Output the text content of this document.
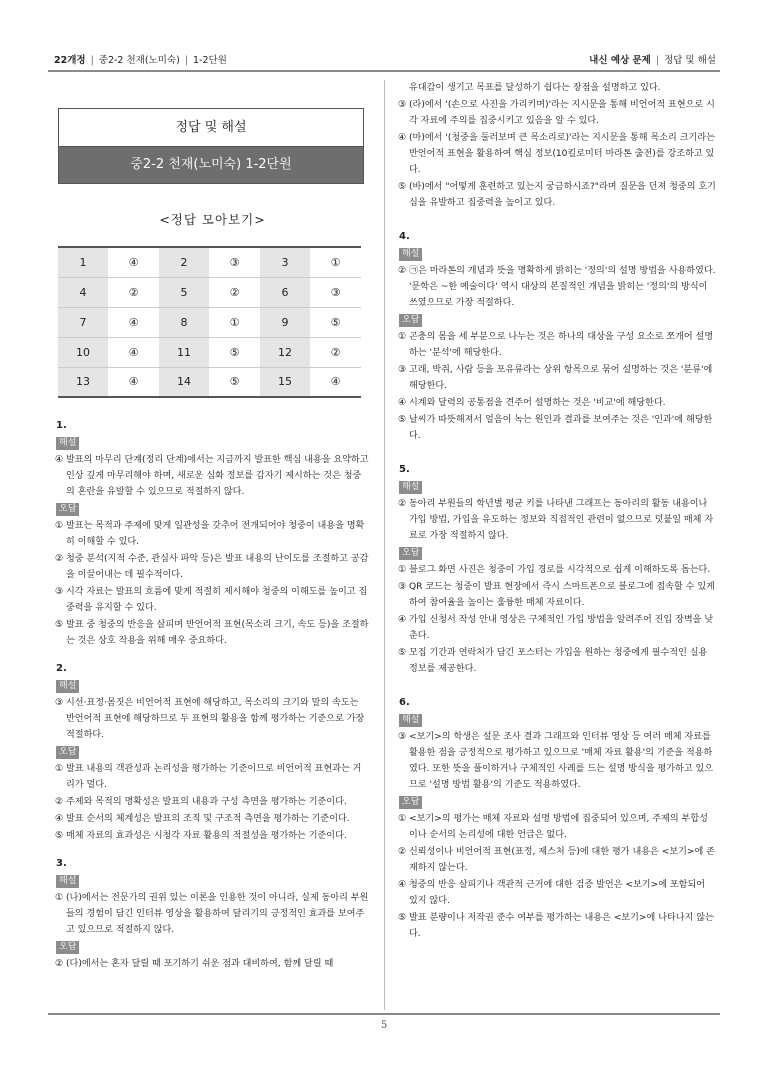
22개정 | 중2-2 천재(노미숙) | 1-2단원	내신 예상 문제 | 정답 및 해설
정답 및 해설
중2-2 천재(노미숙) 1-2단원
<정답 모아보기>
1	④	2	③	3	①
4	②	5	②	6	③
7	④	8	①	9	⑤
10	④	11	⑤	12	②
13	④	14	⑤	15	④
1.
해설
④ 발표의 마무리 단계(정리 단계)에서는 지금까지 발표한 핵심 내용을 요약하고 인상 깊게 마무리해야 하며, 새로운 심화 정보를 갑자기 제시하는 것은 청중의 혼란을 유발할 수 있으므로 적절하지 않다.
오답
① 발표는 목적과 주제에 맞게 일관성을 갖추어 전개되어야 청중이 내용을 명확히 이해할 수 있다.
② 청중 분석(지적 수준, 관심사 파악 등)은 발표 내용의 난이도를 조절하고 공감을 이끌어내는 데 필수적이다.
③ 시각 자료는 발표의 흐름에 맞게 적절히 제시해야 청중의 이해도를 높이고 집중력을 유지할 수 있다.
⑤ 발표 중 청중의 반응을 살피며 반언어적 표현(목소리 크기, 속도 등)을 조절하는 것은 상호 작용을 위해 매우 중요하다.
2.
해설
③ 시선·표정·몸짓은 비언어적 표현에 해당하고, 목소리의 크기와 말의 속도는 반언어적 표현에 해당하므로 두 표현의 활용을 함께 평가하는 기준으로 가장 적절하다.
오답
① 발표 내용의 객관성과 논리성을 평가하는 기준이므로 비언어적 표현과는 거리가 멀다.
② 주제와 목적의 명확성은 발표의 내용과 구성 측면을 평가하는 기준이다.
④ 발표 순서의 체계성은 발표의 조직 및 구조적 측면을 평가하는 기준이다.
⑤ 매체 자료의 효과성은 시청각 자료 활용의 적절성을 평가하는 기준이다.
3.
해설
① (나)에서는 전문가의 권위 있는 이론을 인용한 것이 아니라, 실제 동아리 부원들의 경험이 담긴 인터뷰 영상을 활용하여 달리기의 긍정적인 효과를 보여주고 있으므로 적절하지 않다.
오답
② (다)에서는 혼자 달릴 때 포기하기 쉬운 점과 대비하여, 함께 달릴 때
유대감이 생기고 목표를 달성하기 쉽다는 장점을 설명하고 있다.
③ (라)에서 '(손으로 사진을 가리키며)'라는 지시문을 통해 비언어적 표현으로 시각 자료에 주의를 집중시키고 있음을 알 수 있다.
④ (마)에서 '(청중을 둘러보며 큰 목소리로)'라는 지시문을 통해 목소리 크기라는 반언어적 표현을 활용하여 핵심 정보(10킬로미터 마라톤 출전)를 강조하고 있다.
⑤ (바)에서 "어떻게 훈련하고 있는지 궁금하시죠?"라며 질문을 던져 청중의 호기심을 유발하고 집중력을 높이고 있다.
4.
해설
② ㉠은 마라톤의 개념과 뜻을 명확하게 밝히는 '정의'의 설명 방법을 사용하였다. '문학은 ~한 예술이다' 역시 대상의 본질적인 개념을 밝히는 '정의'의 방식이 쓰였으므로 가장 적절하다.
오답
① 곤충의 몸을 세 부분으로 나누는 것은 하나의 대상을 구성 요소로 쪼개어 설명하는 '분석'에 해당한다.
③ 고래, 박쥐, 사람 등을 포유류라는 상위 항목으로 묶어 설명하는 것은 '분류'에 해당한다.
④ 시계와 달력의 공통점을 견주어 설명하는 것은 '비교'에 해당한다.
⑤ 날씨가 따뜻해져서 얼음이 녹는 원인과 결과를 보여주는 것은 '인과'에 해당한다.
5.
해설
② 동아리 부원들의 학년별 평균 키를 나타낸 그래프는 동아리의 활동 내용이나 가입 방법, 가입을 유도하는 정보와 직접적인 관련이 없으므로 덧붙일 매체 자료로 가장 적절하지 않다.
오답
① 블로그 화면 사진은 청중이 가입 경로를 시각적으로 쉽게 이해하도록 돕는다.
③ QR 코드는 청중이 발표 현장에서 즉시 스마트폰으로 블로그에 접속할 수 있게 하여 참여율을 높이는 훌륭한 매체 자료이다.
④ 가입 신청서 작성 안내 영상은 구체적인 가입 방법을 알려주어 진입 장벽을 낮춘다.
⑤ 모집 기간과 연락처가 담긴 포스터는 가입을 원하는 청중에게 필수적인 실용 정보를 제공한다.
6.
해설
③ <보기>의 학생은 설문 조사 결과 그래프와 인터뷰 영상 등 여러 매체 자료를 활용한 점을 긍정적으로 평가하고 있으므로 '매체 자료 활용'의 기준을 적용하였다. 또한 뜻을 풀이하거나 구체적인 사례를 드는 설명 방식을 평가하고 있으므로 '설명 방법 활용'의 기준도 적용하였다.
오답
① <보기>의 평가는 매체 자료와 설명 방법에 집중되어 있으며, 주제의 부합성이나 순서의 논리성에 대한 언급은 없다.
② 신뢰성이나 비언어적 표현(표정, 제스처 등)에 대한 평가 내용은 <보기>에 존재하지 않는다.
④ 청중의 반응 살피기나 객관적 근거에 대한 검증 발언은 <보기>에 포함되어 있지 않다.
⑤ 발표 분량이나 저작권 준수 여부를 평가하는 내용은 <보기>에 나타나지 않는다.
5
